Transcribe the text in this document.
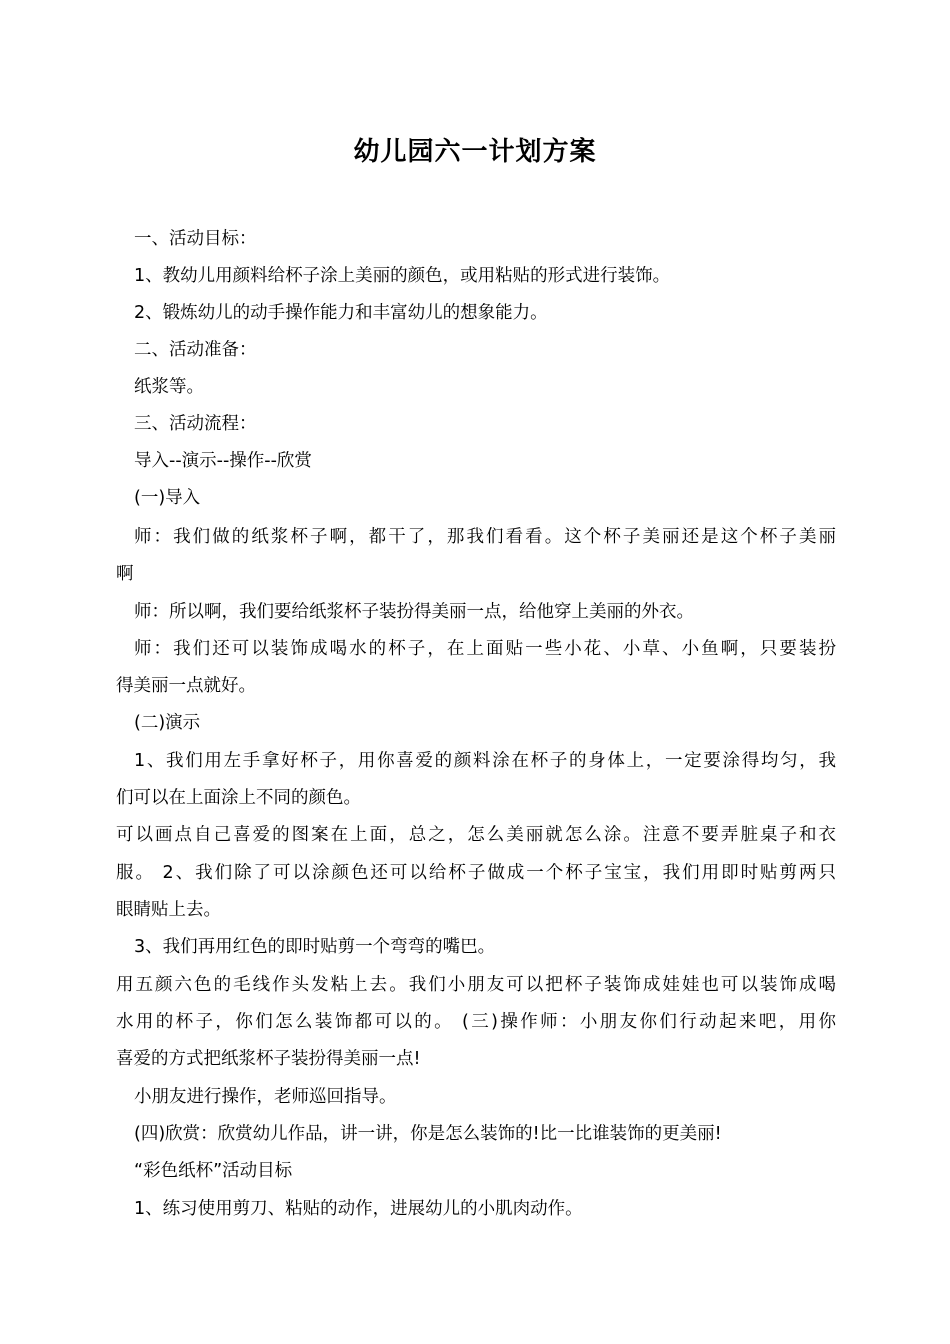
幼儿园六一计划方案
一、活动目标：
1、教幼儿用颜料给杯子涂上美丽的颜色，或用粘贴的形式进行装饰。
2、锻炼幼儿的动手操作能力和丰富幼儿的想象能力。
二、活动准备：
纸浆等。
三、活动流程：
导入--演示--操作--欣赏
(一)导入
师：我们做的纸浆杯子啊，都干了，那我们看看。这个杯子美丽还是这个杯子美丽
啊
师：所以啊，我们要给纸浆杯子装扮得美丽一点，给他穿上美丽的外衣。
师：我们还可以装饰成喝水的杯子，在上面贴一些小花、小草、小鱼啊，只要装扮
得美丽一点就好。
(二)演示
1、我们用左手拿好杯子，用你喜爱的颜料涂在杯子的身体上，一定要涂得均匀，我
们可以在上面涂上不同的颜色。
可以画点自己喜爱的图案在上面，总之，怎么美丽就怎么涂。注意不要弄脏桌子和衣
服。 2、我们除了可以涂颜色还可以给杯子做成一个杯子宝宝，我们用即时贴剪两只
眼睛贴上去。
3、我们再用红色的即时贴剪一个弯弯的嘴巴。
用五颜六色的毛线作头发粘上去。我们小朋友可以把杯子装饰成娃娃也可以装饰成喝
水用的杯子，你们怎么装饰都可以的。 (三)操作师：小朋友你们行动起来吧，用你
喜爱的方式把纸浆杯子装扮得美丽一点!
小朋友进行操作，老师巡回指导。
(四)欣赏：欣赏幼儿作品，讲一讲，你是怎么装饰的!比一比谁装饰的更美丽!
“彩色纸杯”活动目标
1、练习使用剪刀、粘贴的动作，进展幼儿的小肌肉动作。
